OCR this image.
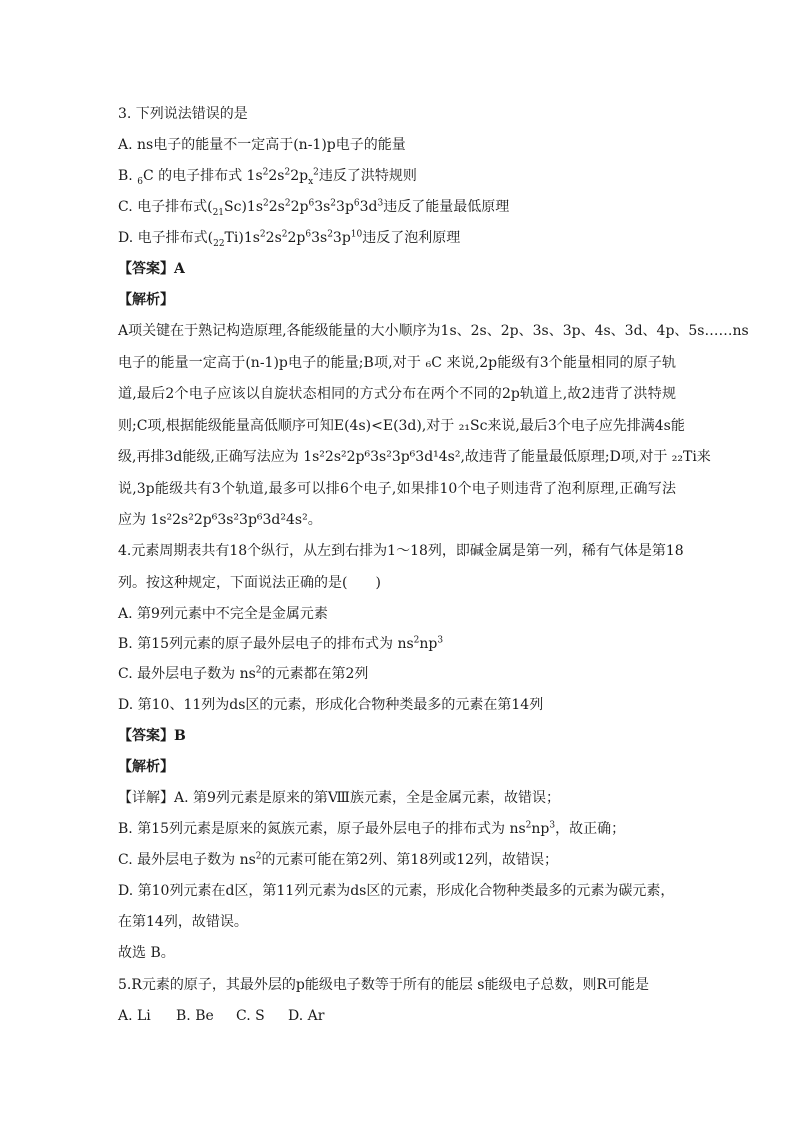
3. 下列说法错误的是
A. ns电子的能量不一定高于(n-1)p电子的能量
B. $_6$C 的电子排布式 $1s^22s^22p_x^2$违反了洪特规则
C. 电子排布式$(_{21}Sc)1s^22s^22p^63s^23p^63d^3$违反了能量最低原理
D. 电子排布式$(_{22}Ti)1s^22s^22p^63s^23p^{10}$违反了泡利原理
【答案】A
【解析】
A项关键在于熟记构造原理,各能级能量的大小顺序为1s、2s、2p、3s、3p、4s、3d、4p、5s……ns
电子的能量一定高于(n-1)p电子的能量;B项,对于 ₆C 来说,2p能级有3个能量相同的原子轨
道,最后2个电子应该以自旋状态相同的方式分布在两个不同的2p轨道上,故2违背了洪特规
则;C项,根据能级能量高低顺序可知E(4s)<E(3d),对于 ₂₁Sc来说,最后3个电子应先排满4s能
级,再排3d能级,正确写法应为 1s²2s²2p⁶3s²3p⁶3d¹4s²,故违背了能量最低原理;D项,对于 ₂₂Ti来
说,3p能级共有3个轨道,最多可以排6个电子,如果排10个电子则违背了泡利原理,正确写法
应为 1s²2s²2p⁶3s²3p⁶3d²4s²。
4.元素周期表共有18个纵行，从左到右排为1～18列，即碱金属是第一列，稀有气体是第18
列。按这种规定，下面说法正确的是(　　)
A. 第9列元素中不完全是金属元素
B. 第15列元素的原子最外层电子的排布式为 $ns^2np^3$
C. 最外层电子数为 $ns^2$的元素都在第2列
D. 第10、11列为ds区的元素，形成化合物种类最多的元素在第14列
【答案】B
【解析】
【详解】A. 第9列元素是原来的第Ⅷ族元素，全是金属元素，故错误；
B. 第15列元素是原来的氮族元素，原子最外层电子的排布式为 $ns^2np^3$，故正确；
C. 最外层电子数为 $ns^2$的元素可能在第2列、第18列或12列，故错误；
D. 第10列元素在d区，第11列元素为ds区的元素，形成化合物种类最多的元素为碳元素，
在第14列，故错误。
故选 B。
5.R元素的原子，其最外层的p能级电子数等于所有的能层 s能级电子总数，则R可能是
A. Li B. Be C. S D. Ar
